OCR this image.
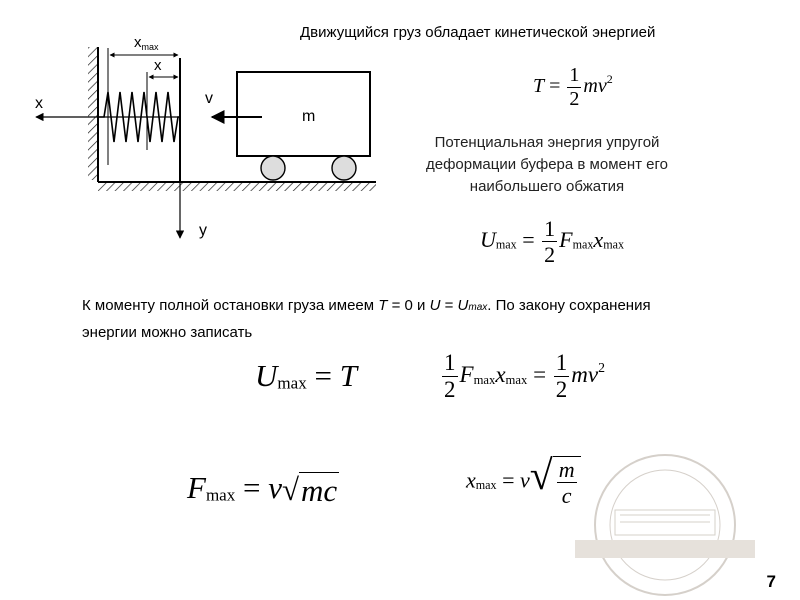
$x_{max}$
x
x	v
m
y
Движущийся груз обладает кинетической энергией
$T = \frac{1}{2} mv^2$
Потенциальная энергия упругой деформации буфера в момент его наибольшего обжатия
$Umax = \frac{1}{2}$ Fmaxxmax
К моменту полной остановки груза имеем T = 0 и U = Umax. По закону сохранения энергии можно записать
Umax = T	$\frac{1}{2}$ Fmaxxmax = $\frac{1}{2} mv^2$
Fmax = v √ mc	xmax = v √ $\frac{m}{c}$
7
